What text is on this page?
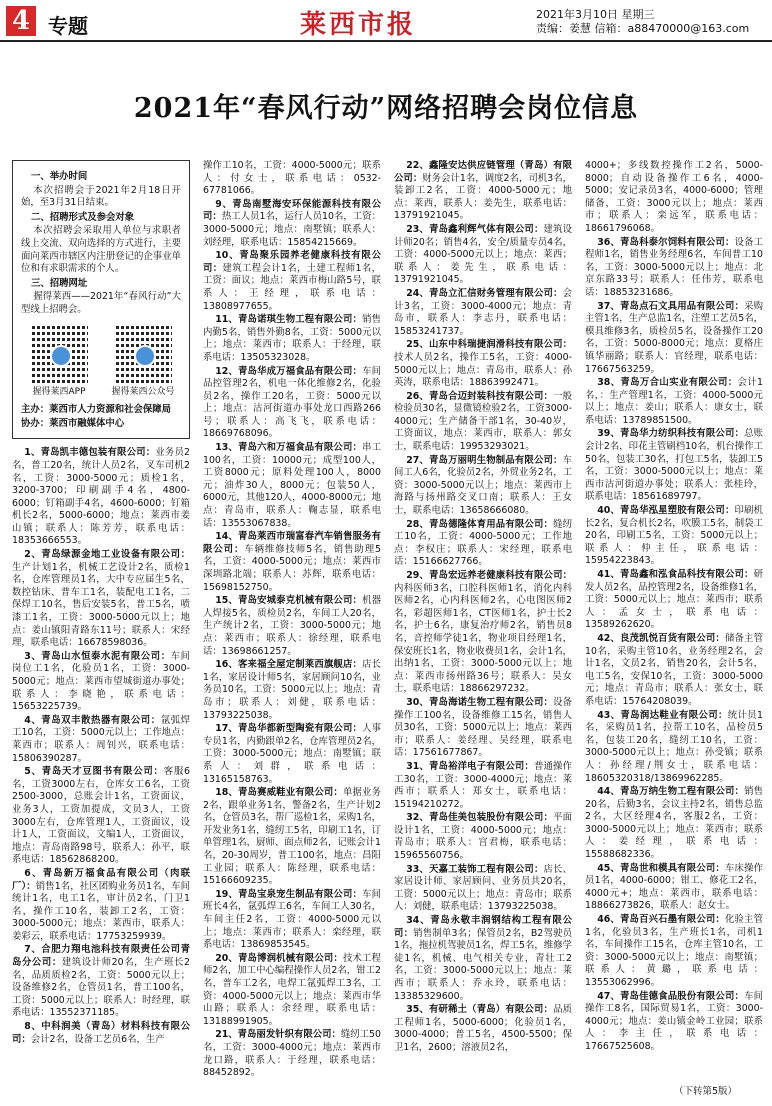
4 专题	莱西市报	2021年3月10日 星期三
责编：姜慧 信箱：a88470000@163.com
2021年“春风行动”网络招聘会岗位信息
一、举办时间

本次招聘会于2021年2月18日开始，至3月31日结束。

二、招聘形式及参会对象

本次招聘会采取用人单位与求职者线上交流、双向选择的方式进行，主要面向莱西市辖区内注册登记的企事业单位和有求职需求的个人。

三、招聘网址

握得莱西——2021年“春风行动”大型线上招聘会。

握得莱西APP	握得莱西公众号
主办：莱西市人力资源和社会保障局
协办：莱西市融媒体中心

1、青岛凯丰德包装有限公司：业务员2名，普工20名，统计人员2名，叉车司机2名，工资：3000-5000元；质检1名，3200-3700；印刷副手4名，4800-6000；钉箱副手4名，4600-6000；钉箱机长2名，5000-6000；地点：莱西市姜山镇；联系人：陈芳芳，联系电话：18353666553。

2、青岛绿源金地工业设备有限公司：生产计划1名，机械工艺设计2名，质检1名，仓库管理员1名，大中专应届生5名，数控钻床、普车工1名，装配电工1名，二保焊工10名，售后安装5名，普工5名，喷漆工1名，工资：3000-5000元以上；地点：姜山镇阳青路东11号；联系人：宋经理，联系电话：16678598036。

3、青岛山水恒泰水泥有限公司：车间岗位工1名，化验员1名，工资：3000-5000元；地点：莱西市望城街道办事处；联系人：李晓艳，联系电话：15653225739。

4、青岛双丰散热器有限公司：氩弧焊工10名，工资：5000元以上；工作地点：莱西市；联系人：周钊兴，联系电话：15806390287。

5、青岛天才豆图书有限公司：客服6名，工资3000左右，仓库女工6名，工资2500-3000，总账会计1名，工资面议，业务3人，工资加提成，文员3人，工资3000左右，仓库管理1人，工资面议，设计1人，工资面议，文编1人，工资面议，地点：青岛南路98号，联系人：孙平，联系电话：18562868200。

6、青岛新万福食品有限公司（肉联厂）：销售1名，社区团购业务员1名，车间统计1名，电工1名，审计员2名，门卫1名，操作工10名，装卸工2名，工资：3000-5000元；地点：莱西市，联系人：姜彩云，联系电话：17753259939。

7、合肥力翔电池科技有限责任公司青岛分公司：建筑设计师20名，生产班长2名，品质质检2名，工资：5000元以上；设备维修2名，仓管员1名，普工100名，工资：5000元以上；联系人：时经理，联系电话：13552371185。

8、中科润美（青岛）材料科技有限公司：会计2名，设备工艺员6名，生产

操作工10名，工资：4000-5000元；联系人：付女士，联系电话：0532-67781066。

9、青岛南墅海安环保能源科技有限公司：热工人员1名，运行人员10名，工资：3000-5000元；地点：南墅镇；联系人：刘经理，联系电话：15854215669。

10、青岛聚乐园养老健康科技有限公司：建筑工程会计1名，土建工程师1名，工资：面议；地点：莱西市梅山路5号，联系人：王经理，联系电话：13808977655。

11、青岛诺琪生物工程有限公司：销售内勤5名，销售外勤8名，工资：5000元以上；地点：莱西市；联系人：于经理，联系电话：13505323028。

12、青岛华成万福食品有限公司：车间品控管理2名，机电一体化维修2名，化验员2名，操作工20名，工资：5000元以上；地点：沽河街道办事处龙口西路266号；联系人：高飞飞，联系电话：18669768096。

13、青岛六和万福食品有限公司：串工100名，工资：10000元；成型100人，工资8000元；原料处理100人，8000元；油炸30人，8000元；包装50人，6000元，其他120人，4000-8000元；地点：青岛市，联系人：鞠志显，联系电话：13553067838。

14、青岛莱西市瑞富春汽车销售服务有限公司：车辆维修技师5名，销售助理5名，工资：4000-5000元；地点：莱西市深圳路北端；联系人：苏辉，联系电话：15698152750。

15、青岛安城泰克机械有限公司：机器人焊接5名，质检员2名，车间工人20名，生产统计2名，工资：3000-5000元；地点：莱西市；联系人：徐经理，联系电话：13698661257。

16、客来福全屋定制莱西旗舰店：店长1名，家居设计师5名，家居顾问10名，业务员10名，工资：5000元以上；地点：青岛市；联系人：刘健，联系电话：13793225038。

17、青岛华都新型陶瓷有限公司：人事专员1名，内勤跟单2名，仓库管理员2名，工资：3000-5000元；地点：南墅镇；联系人：刘群，联系电话：13165158763。

18、青岛赛威鞋业有限公司：单据业务2名，跟单业务1名，警备2名，生产计划2名，仓管员3名，帮厂巡检1名，采购1名，开发业务1名，缝纫工5名，印刷工1名，订单管理1名，厨师、面点师2名，记账会计1名，20-30周岁，普工100名，地点：昌阳工业园；联系人：陈经理，联系电话：15166609235。

19、青岛宝泉宠生制品有限公司：车间班长4名，氩弧焊工6名，车间工人30名，车间主任2名，工资：4000-5000元以上；地点：莱西市；联系人：栾经理，联系电话：13869853545。

20、青岛博润机械有限公司：技术工程师2名，加工中心编程操作人员2名，钳工2名，普车工2名，电焊工氩弧焊工3名，工资：4000-5000元以上；地点：莱西市华山路；联系人：余经理，联系电话：13188991905。

21、青岛丽发针织有限公司：缝纫工50名，工资：3000-4000元；地点：莱西市龙口路，联系人：于经理，联系电话：88452892。

22、鑫隆安达供应链管理（青岛）有限公司：财务会计1名，调度2名，司机3名，装卸工2名，工资：4000-5000元；地点：莱西，联系人：姜先生，联系电话：13791921045。

23、青岛鑫利辉气体有限公司：建筑设计师20名；销售4名，安全/质量专员4名，工资：4000-5000元以上；地点：莱西；联系人：姜先生，联系电话：13791921045。

24、青岛立汇信财务管理有限公司：会计3名，工资：3000-4000元；地点：青岛市，联系人：李志丹，联系电话：15853241737。

25、山东中科瑞捷润滑科技有限公司：技术人员2名，操作工5名，工资：4000-5000元以上；地点：青岛市，联系人：孙英涛，联系电话：18863992471。

26、青岛合迈封装科技有限公司：一般检验员30名，显微镜检验2名，工资3000-4000元；生产储备干部1名，30-40岁，工资面议，地点：莱西市，联系人：郭女士，联系电话：19953293021。

27、青岛万丽明生物制品有限公司：车间工人6名，化验员2名，外贸业务2名，工资：3000-5000元以上；地点：莱西市上海路与扬州路交叉口南；联系人：王女士，联系电话：13658666080。

28、青岛德隆体育用品有限公司：缝纫工10名，工资：4000-5000元；工作地点：李权庄；联系人：宋经理，联系电话：15166627766。

29、青岛宏远养老健康科技有限公司：内科医师3名，口腔科医师1名，消化内科医师2名，心内科医师2名，心电图医师2名，彩超医师1名，CT医师1名，护士长2名，护士6名，康复治疗师2名，销售员8名，音控师学徒1名，物业项目经理1名，保安班长1名，物业收费员1名，会计1名，出纳1名，工资：3000-5000元以上；地点：莱西市扬州路36号；联系人：吴女士，联系电话：18866297232。

30、青岛海诺生物工程有限公司：设备操作工100名，设备维修工15名，销售人员30名，工资：5000元以上；地点：莱西市；联系人：姜经理、吴经理，联系电话：17561677867。

31、青岛裕洋电子有限公司：普通操作工30名，工资：3000-4000元；地点：莱西市；联系人：郑女士，联系电话：15194210272。

32、青岛佳美包装股份有限公司：平面设计1名，工资：4000-5000元；地点：青岛市；联系人：宫君梅，联系电话：15965560756。

33、天嘉工装饰工程有限公司：店长、家居设计师、家居顾问、业务员共20名，工资：5000元以上；地点：青岛市；联系人：刘健，联系电话：13793225038。

34、青岛永敬丰润钢结构工程有限公司：销售制单3名；保管员2名，B2驾驶员1名，拖拉机驾驶员1名，焊工5名，维修学徒1名，机械、电气相关专业，青壮工2名，工资：3000-5000元以上；地点：莱西市；联系人：乔永玲，联系电话：13385329600。

35、有研稀土（青岛）有限公司：品质工程师1名，5000-6000；化验员1名，3000-4000；普工5名，4500-5500；保卫1名，2600；溶液员2名，

4000+；多线数控操作工2名，5000-8000；自动设备操作工6名，4000-5000；安记录员3名，4000-6000；管理储备，工资：3000元以上；地点：莱西市；联系人：栾远军，联系电话：18661796068。

36、青岛科泰尔饲料有限公司：设备工程师1名，销售业务经理6名，车间普工10名，工资：3000-5000元以上；地点：北京东路33号；联系人：任伟芳，联系电话：18853231686。

37、青岛点石文具用品有限公司：采购主管1名，生产总监1名，注塑工艺员5名，模具维修3名，质检员5名，设备操作工20名，工资：5000-8000元；地点：夏格庄镇华丽路；联系人：官经理，联系电话：17667563259。

38、青岛万合山实业有限公司：会计1名，：生产管理1名，工资：4000-5000元以上；地点：姜山；联系人：康女士，联系电话：13789851500。

39、青岛华力纺织科技有限公司：总账会计2名，印花主管刷档10名，机台操作工50名，包装工30名，打包工5名，装卸工5名，工资：3000-5000元以上；地点：莱西市沽河街道办事处；联系人：张桂玲，联系电话：18561689797。

40、青岛华泓星塑胶有限公司：印刷机长2名，复合机长2名，吹膜工5名，制袋工20名，印刷工5名，工资：5000元以上；联系人：仲主任，联系电话：15954223843。

41、青岛鑫和泓食品科技有限公司：研发人员2名，品控管理2名，设备维修1名，工资：5000元以上；地点：莱西市；联系人：孟女士，联系电话：13589262620。

42、良茂凯悦百货有限公司：储备主管10名，采购主管10名，业务经理2名，会计1名，文员2名，销售20名，会计5名，电工5名，安保10名，工资：3000-5000元；地点：青岛市；联系人：张女士，联系电话：15764208039。

43、青岛润达鞋业有限公司：统计员1名，采购员1名，拉帮工10名，品检员5名，包装工20名，缝纫工10名，工资：3000-5000元以上；地点：孙受镇；联系人：孙经理/荆女士，联系电话：18605320318/13869962285。

44、青岛万纳生物工程有限公司：销售20名，后勤3名，会议主持2名，销售总监2名，大区经理4名，客服2名，工资：3000-5000元以上；地点：莱西市；联系人：姜经理，联系电话：15588682336。

45、青岛世和模具有限公司：车床操作员1名，4000-6000；钳工、修花工2名，4000元+；地点：莱西市，联系电话：18866273826，联系人：赵女士。

46、青岛百兴石墨有限公司：化验主管1名，化验员3名，生产班长1名，司机1名，车间操作工15名，仓库主管10名，工资：3000-5000元以上；地点：南墅镇；联系人：黄璐，联系电话：13553062996。

47、青岛佳德食品股份有限公司：车间操作工8名，国际贸易1名，工资：3000-4000元；地点：姜山镇金岭工业园；联系人：李主任，联系电话：17667525608。

（下转第5版）
